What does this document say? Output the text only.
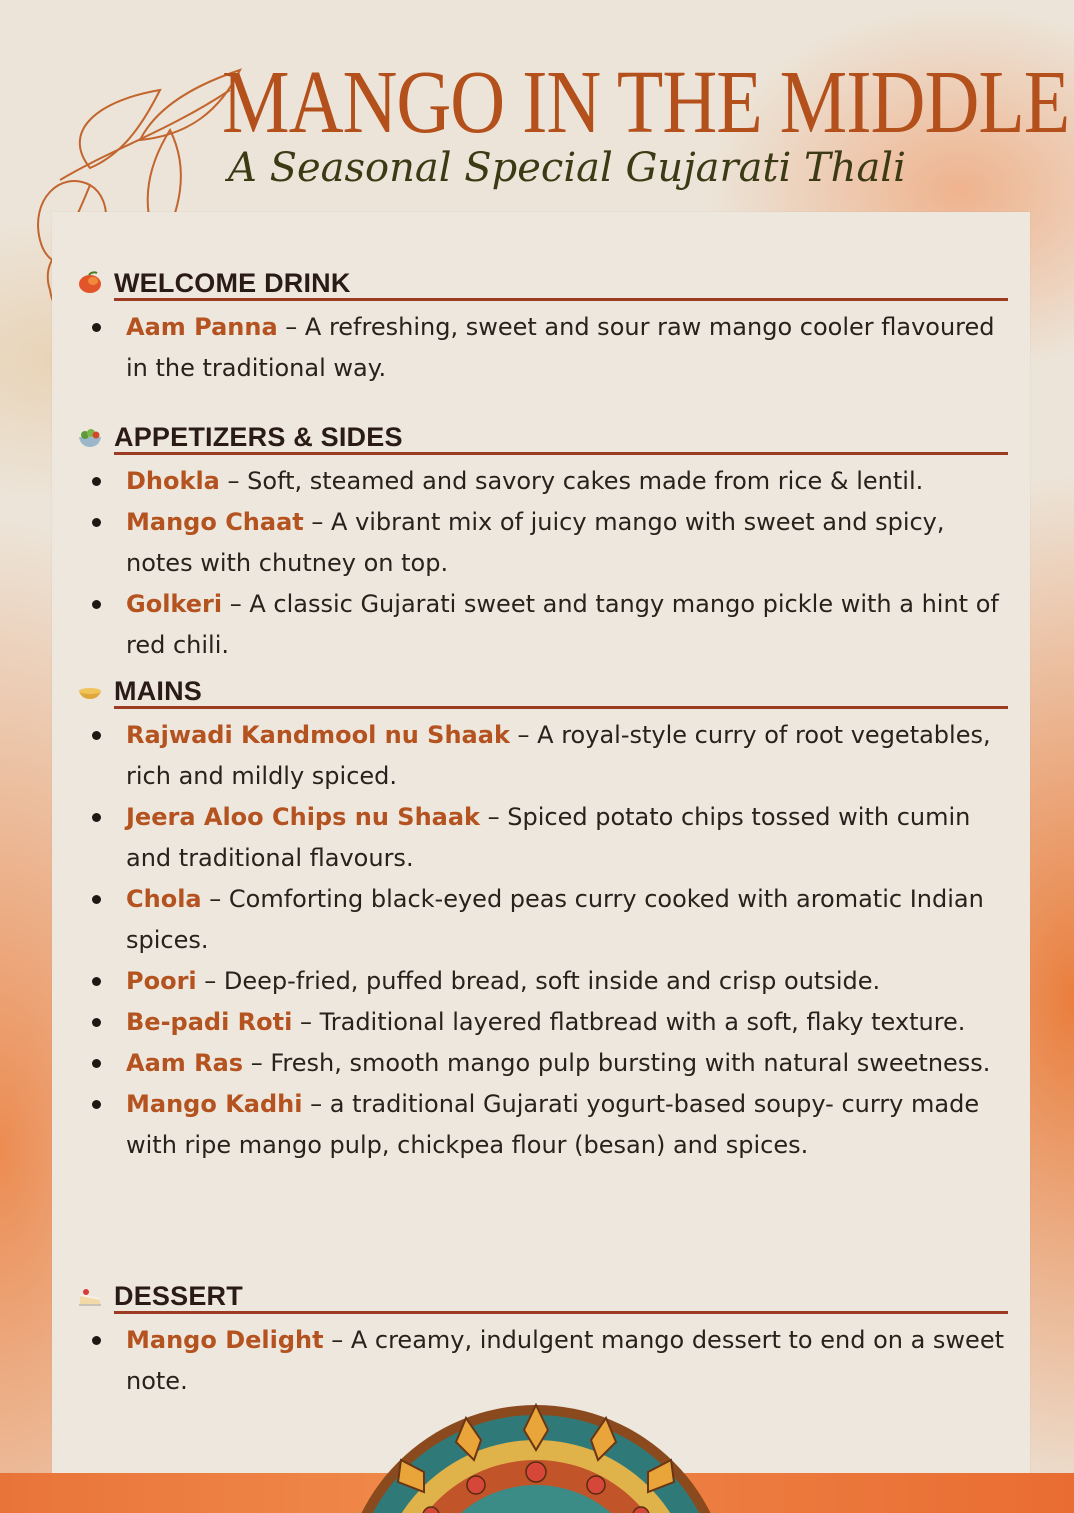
MANGO IN THE MIDDLE
A Seasonal Special Gujarati Thali
WELCOME DRINK
Aam Panna – A refreshing, sweet and sour raw mango cooler flavoured in the traditional way.
APPETIZERS & SIDES
Dhokla – Soft, steamed and savory cakes made from rice & lentil.
Mango Chaat – A vibrant mix of juicy mango with sweet and spicy, notes with chutney on top.
Golkeri – A classic Gujarati sweet and tangy mango pickle with a hint of red chili.
MAINS
Rajwadi Kandmool nu Shaak – A royal-style curry of root vegetables, rich and mildly spiced.
Jeera Aloo Chips nu Shaak – Spiced potato chips tossed with cumin and traditional flavours.
Chola – Comforting black-eyed peas curry cooked with aromatic Indian spices.
Poori – Deep-fried, puffed bread, soft inside and crisp outside.
Be-padi Roti – Traditional layered flatbread with a soft, flaky texture.
Aam Ras – Fresh, smooth mango pulp bursting with natural sweetness.
Mango Kadhi – a traditional Gujarati yogurt-based soupy- curry made with ripe mango pulp, chickpea flour (besan) and spices.
DESSERT
Mango Delight – A creamy, indulgent mango dessert to end on a sweet note.
